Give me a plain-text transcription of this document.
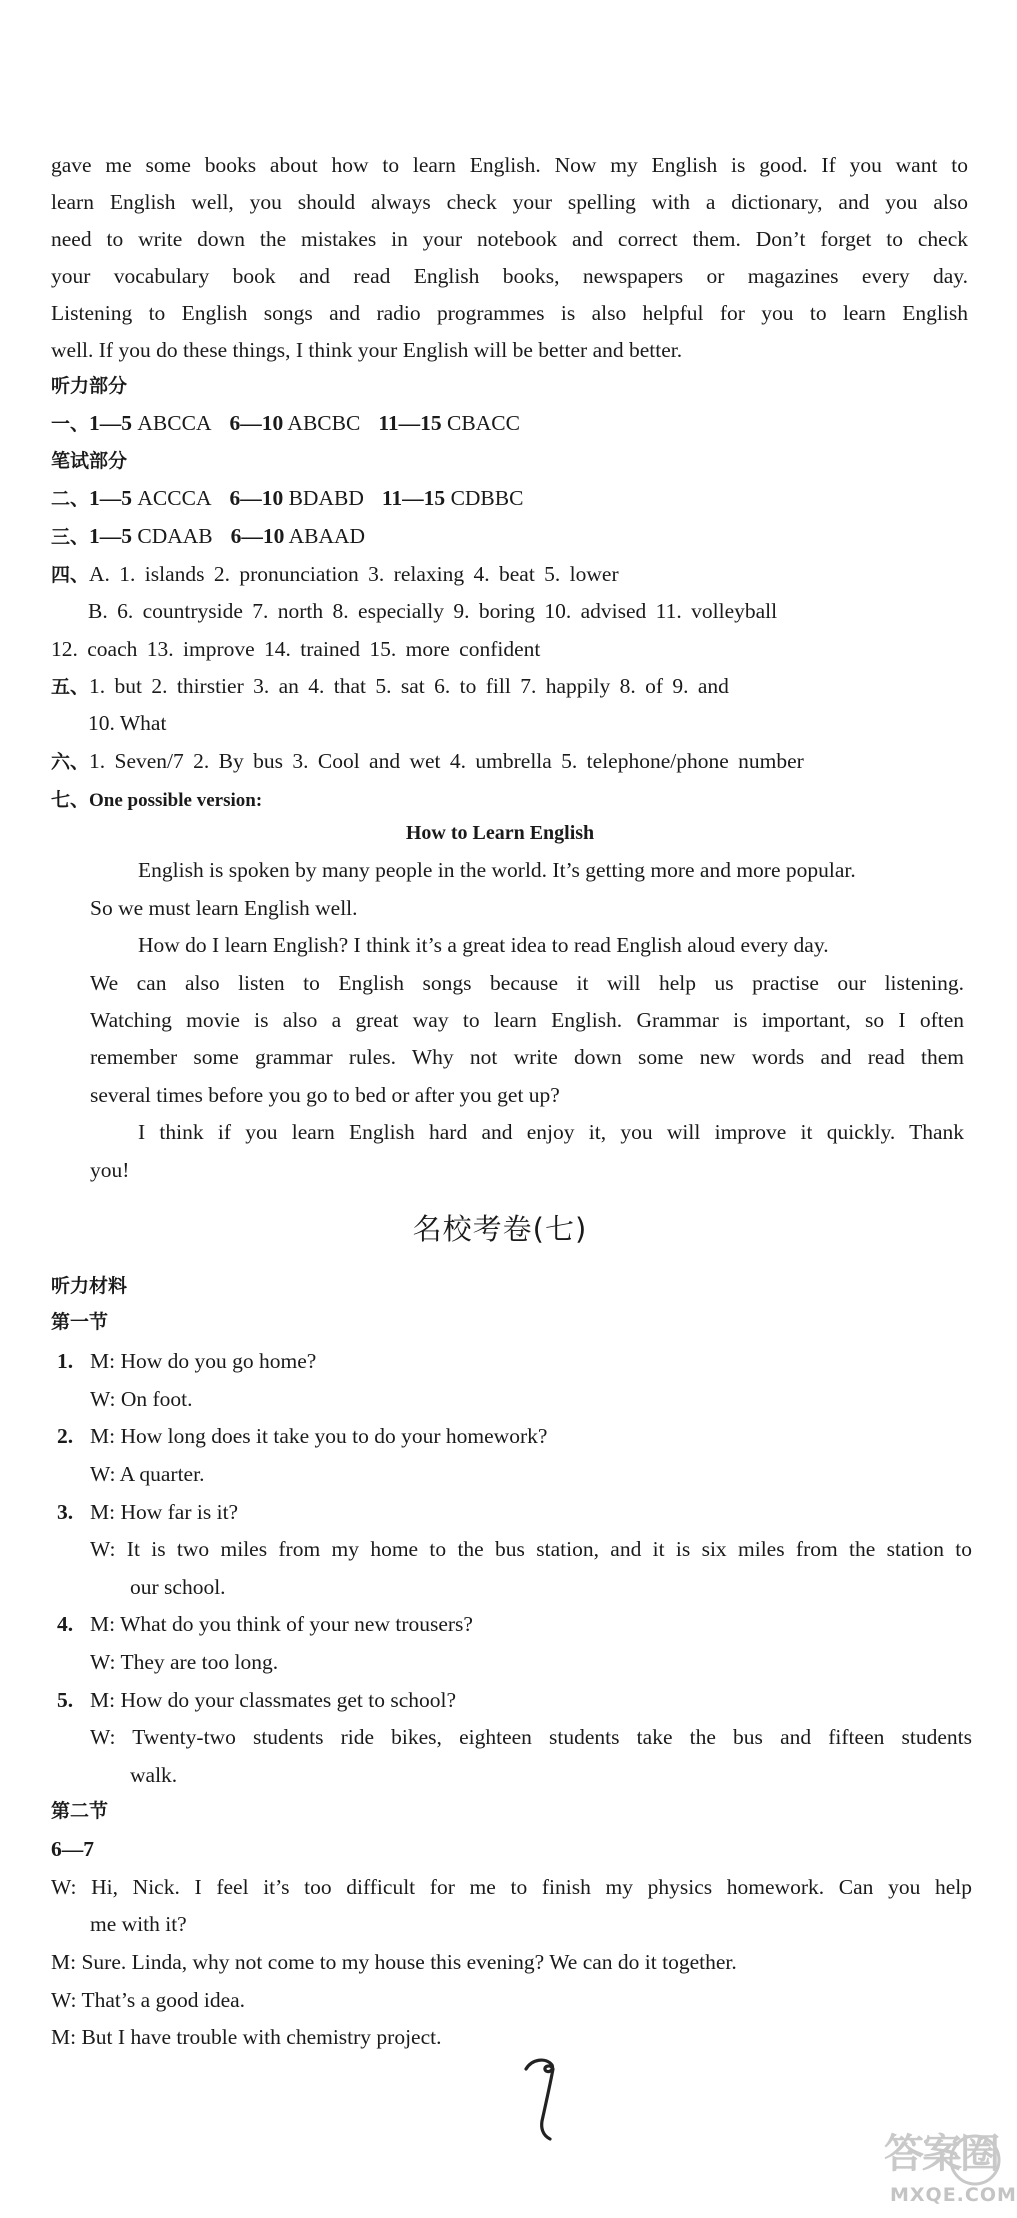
gave me some books about how to learn English. Now my English is good. If you want to
learn English well, you should always check your spelling with a dictionary, and you also
need to write down the mistakes in your notebook and correct them. Don’t forget to check
your vocabulary book and read English books, newspapers or magazines every day.
Listening to English songs and radio programmes is also helpful for you to learn English
well. If you do these things, I think your English will be better and better.
听力部分
一、1—5 ABCCA 6—10 ABCBC 11—15 CBACC
笔试部分
二、1—5 ACCCA 6—10 BDABD 11—15 CDBBC
三、1—5 CDAAB 6—10 ABAAD
四、A. 1. islands 2. pronunciation 3. relaxing 4. beat 5. lower
B. 6. countryside 7. north 8. especially 9. boring 10. advised 11. volleyball
12. coach 13. improve 14. trained 15. more confident
五、1. but 2. thirstier 3. an 4. that 5. sat 6. to fill 7. happily 8. of 9. and
10. What
六、1. Seven/7 2. By bus 3. Cool and wet 4. umbrella 5. telephone/phone number
七、One possible version:
How to Learn English
English is spoken by many people in the world. It’s getting more and more popular.
So we must learn English well.
How do I learn English? I think it’s a great idea to read English aloud every day.
We can also listen to English songs because it will help us practise our listening.
Watching movie is also a great way to learn English. Grammar is important, so I often
remember some grammar rules. Why not write down some new words and read them
several times before you go to bed or after you get up?
I think if you learn English hard and enjoy it, you will improve it quickly. Thank
you!
名校考卷(七)
听力材料
第一节
1. M: How do you go home?
W: On foot.
2. M: How long does it take you to do your homework?
W: A quarter.
3. M: How far is it?
W: It is two miles from my home to the bus station, and it is six miles from the station to
our school.
4. M: What do you think of your new trousers?
W: They are too long.
5. M: How do your classmates get to school?
W: Twenty-two students ride bikes, eighteen students take the bus and fifteen students
walk.
第二节
6—7
W: Hi, Nick. I feel it’s too difficult for me to finish my physics homework. Can you help
me with it?
M: Sure. Linda, why not come to my house this evening? We can do it together.
W: That’s a good idea.
M: But I have trouble with chemistry project.
答案圈
MXQE.COM
